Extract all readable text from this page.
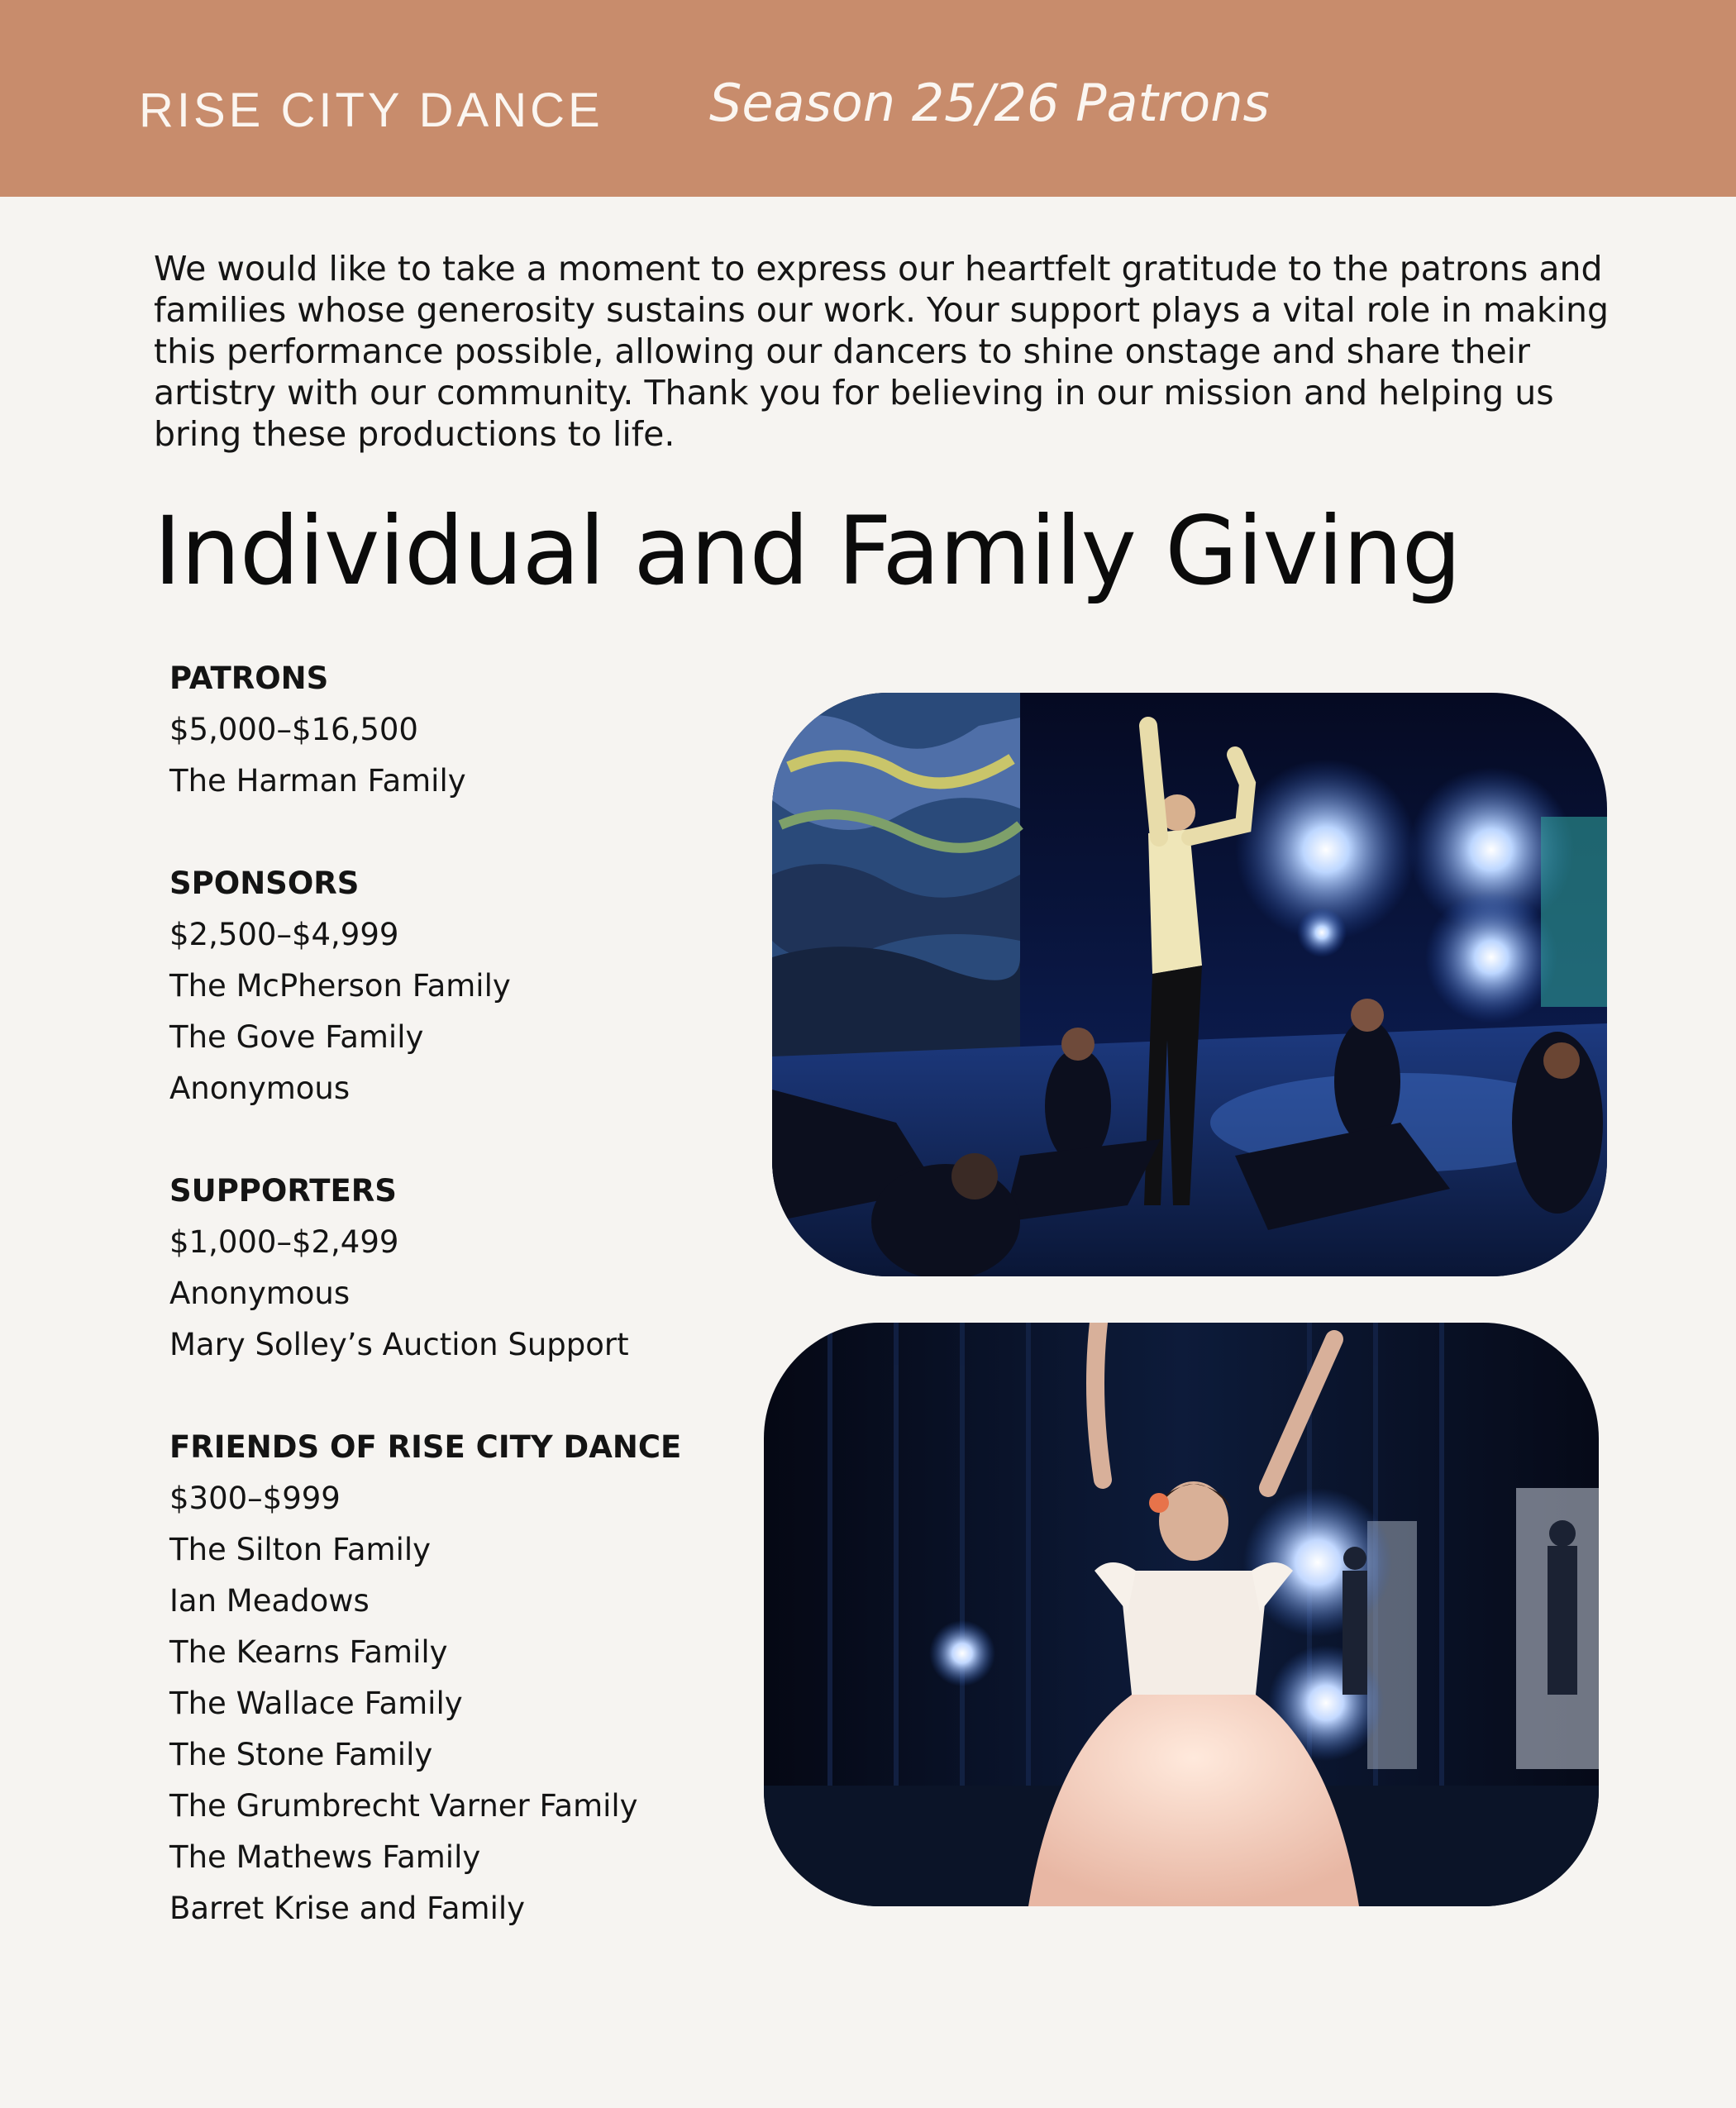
RISE CITY DANCE Season 25/26 Patrons
We would like to take a moment to express our heartfelt gratitude to the patrons and families whose generosity sustains our work. Your support plays a vital role in making this performance possible, allowing our dancers to shine onstage and share their artistry with our community. Thank you for believing in our mission and helping us bring these productions to life.
Individual and Family Giving
PATRONS
$5,000–$16,500
The Harman Family
SPONSORS
$2,500–$4,999
The McPherson Family
The Gove Family
Anonymous
SUPPORTERS
$1,000–$2,499
Anonymous
Mary Solley’s Auction Support
FRIENDS OF RISE CITY DANCE
$300–$999
The Silton Family
Ian Meadows
The Kearns Family
The Wallace Family
The Stone Family
The Grumbrecht Varner Family
The Mathews Family
Barret Krise and Family
